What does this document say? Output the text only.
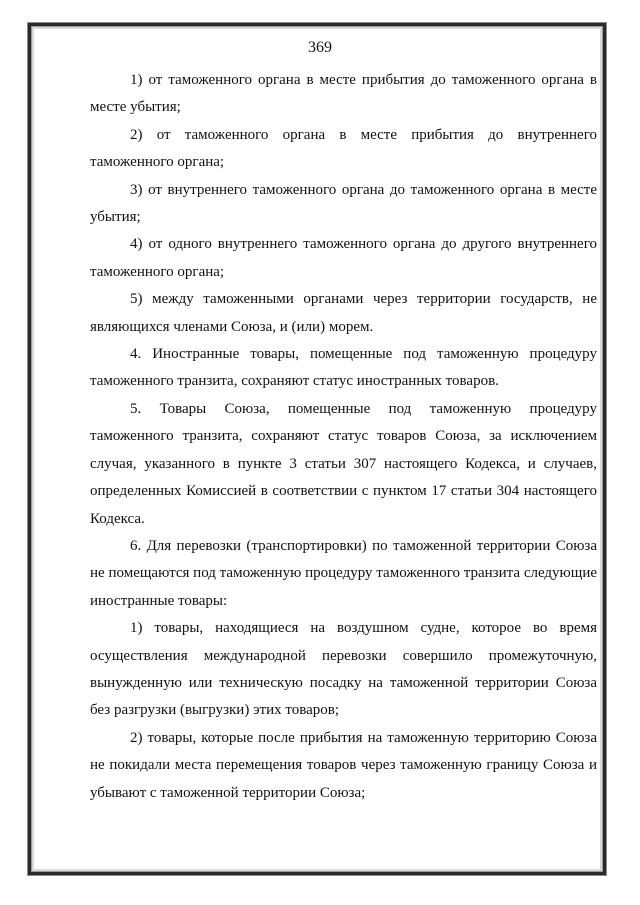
369

1) от таможенного органа в месте прибытия до таможенного органа в месте убытия;

2) от таможенного органа в месте прибытия до внутреннего таможенного органа;

3) от внутреннего таможенного органа до таможенного органа в месте убытия;

4) от одного внутреннего таможенного органа до другого внутреннего таможенного органа;

5) между таможенными органами через территории государств, не являющихся членами Союза, и (или) морем.

4. Иностранные товары, помещенные под таможенную процедуру таможенного транзита, сохраняют статус иностранных товаров.

5. Товары Союза, помещенные под таможенную процедуру таможенного транзита, сохраняют статус товаров Союза, за исключением случая, указанного в пункте 3 статьи 307 настоящего Кодекса, и случаев, определенных Комиссией в соответствии с пунктом 17 статьи 304 настоящего Кодекса.

6. Для перевозки (транспортировки) по таможенной территории Союза не помещаются под таможенную процедуру таможенного транзита следующие иностранные товары:

1) товары, находящиеся на воздушном судне, которое во время осуществления международной перевозки совершило промежуточную, вынужденную или техническую посадку на таможенной территории Союза без разгрузки (выгрузки) этих товаров;

2) товары, которые после прибытия на таможенную территорию Союза не покидали места перемещения товаров через таможенную границу Союза и убывают с таможенной территории Союза;
